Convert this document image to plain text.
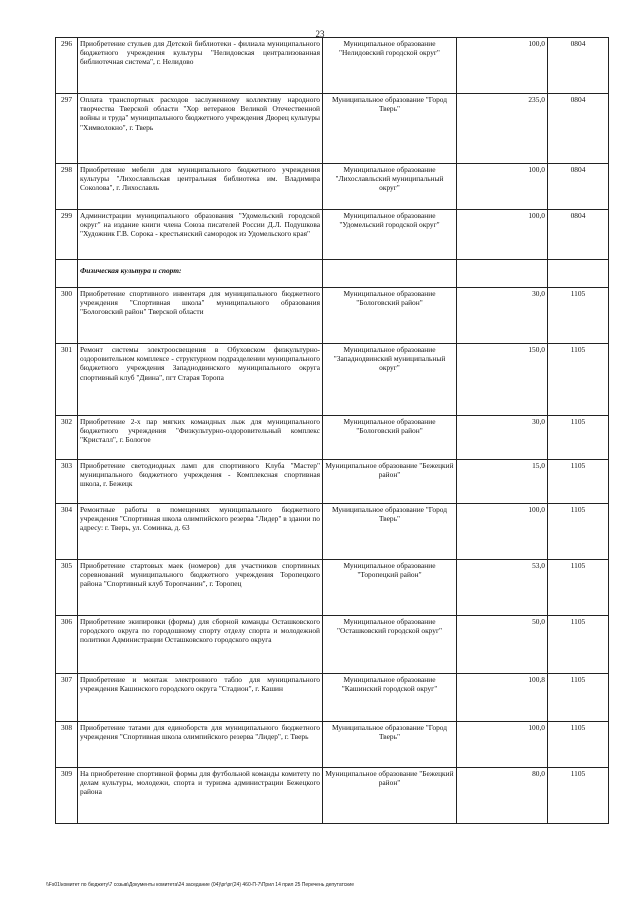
23
296	Приобретение стульев для Детской библиотеки - филиала муниципального бюджетного учреждения культуры "Нелидовская централизованная библиотечная система", г. Нелидово	Муниципальное образование "Нелидовский городской округ"	100,0	0804
297	Оплата транспортных расходов заслуженному коллективу народного творчества Тверской области "Хор ветеранов Великой Отечественной войны и труда" муниципального бюджетного учреждения Дворец культуры "Химволокно", г. Тверь	Муниципальное образование "Город Тверь"	235,0	0804
298	Приобретение мебели для муниципального бюджетного учреждения культуры "Лихославльская центральная библиотека им. Владимира Соколова", г. Лихославль	Муниципальное образование "Лихославльский муниципальный округ"	100,0	0804
299	Администрации муниципального образования "Удомельский городской округ" на издание книги члена Союза писателей России Д.Л. Подушкова "Художник Г.В. Сорока - крестьянский самородок из Удомельского края"	Муниципальное образование "Удомельский городской округ"	100,0	0804
	Физическая культура и спорт:			
300	Приобретение спортивного инвентаря для муниципального бюджетного учреждения "Спортивная школа" муниципального образования "Бологовский район" Тверской области	Муниципальное образование "Бологовский район"	30,0	1105
301	Ремонт системы электроосвещения в Обуховском физкультурно-оздоровительном комплексе - структурном подразделении муниципального бюджетного учреждения Западнодвинского муниципального округа спортивный клуб "Двина", пгт Старая Торопа	Муниципальное образование "Западнодвинский муниципальный округ"	150,0	1105
302	Приобретение 2-х пар мягких командных лыж для муниципального бюджетного учреждения "Физкультурно-оздоровительный комплекс "Кристалл", г. Бологое	Муниципальное образование "Бологовский район"	30,0	1105
303	Приобретение светодиодных ламп для спортивного Клуба "Мастер" муниципального бюджетного учреждения - Комплексная спортивная школа, г. Бежецк	Муниципальное образование "Бежецкий район"	15,0	1105
304	Ремонтные работы в помещениях муниципального бюджетного учреждения "Спортивная школа олимпийского резерва "Лидер" в здании по адресу: г. Тверь, ул. Соминка, д. 63	Муниципальное образование "Город Тверь"	100,0	1105
305	Приобретение стартовых маек (номеров) для участников спортивных соревнований муниципального бюджетного учреждения Торопецкого района "Спортивный клуб Торопчанин", г. Торопец	Муниципальное образование "Торопецкий район"	53,0	1105
306	Приобретение экипировки (формы) для сборной команды Осташковского городского округа по городошному спорту отделу спорта и молодежной политики Администрации Осташковского городского округа	Муниципальное образование "Осташковский городской округ"	50,0	1105
307	Приобретение и монтаж электронного табло для муниципального учреждения Кашинского городского округа "Стадион", г. Кашин	Муниципальное образование "Кашинский городской округ"	100,8	1105
308	Приобретение татами для единоборств для муниципального бюджетного учреждения "Спортивная школа олимпийского резерва "Лидер", г. Тверь	Муниципальное образование "Город Тверь"	100,0	1105
309	На приобретение спортивной формы для футбольной команды комитету по делам культуры, молодежи, спорта и туризма администрации Бежецкого района	Муниципальное образование "Бежецкий район"	80,0	1105
\\Fs01\комитет по бюджету\7 созыв\Документы комитета\24 заседание (04)\рг\рг(24) 460-П-7\Прил 14 прил 25 Перечень депутатские
